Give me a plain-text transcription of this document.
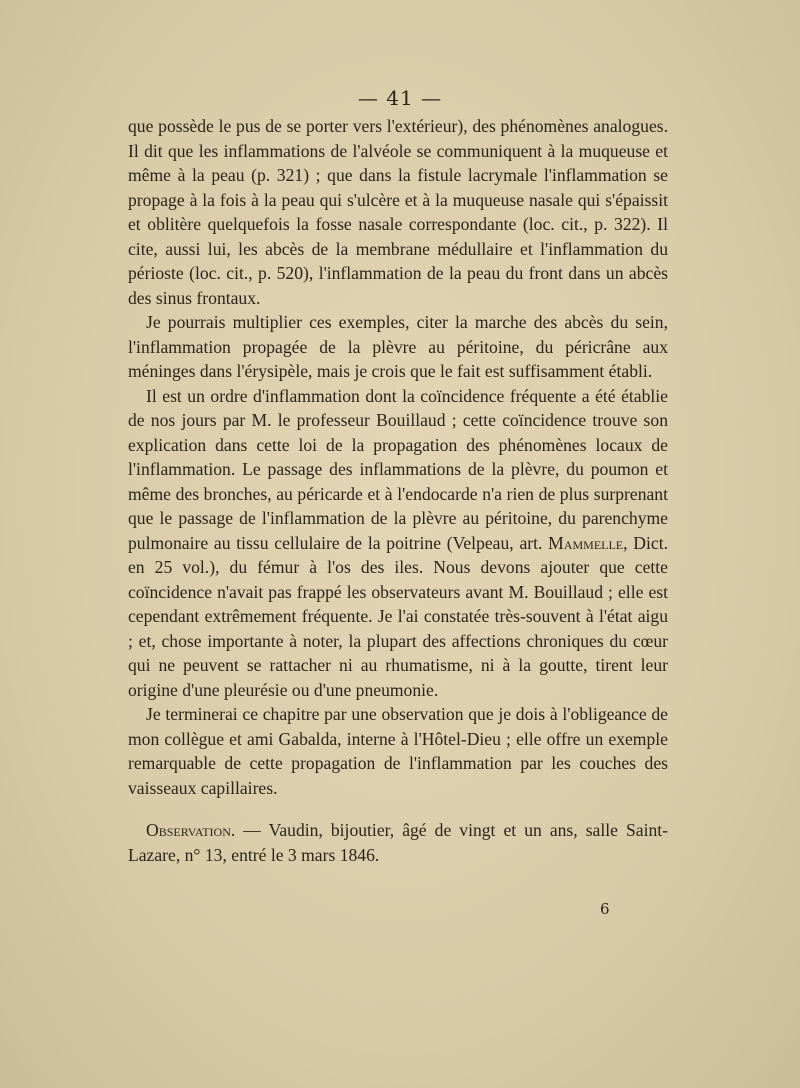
— 41 —

que possède le pus de se porter vers l'extérieur), des phénomènes analogues. Il dit que les inflammations de l'alvéole se communiquent à la muqueuse et même à la peau (p. 321) ; que dans la fistule lacrymale l'inflammation se propage à la fois à la peau qui s'ulcère et à la muqueuse nasale qui s'épaissit et oblitère quelquefois la fosse nasale correspondante (loc. cit., p. 322). Il cite, aussi lui, les abcès de la membrane médullaire et l'inflammation du périoste (loc. cit., p. 520), l'inflammation de la peau du front dans un abcès des sinus frontaux.

Je pourrais multiplier ces exemples, citer la marche des abcès du sein, l'inflammation propagée de la plèvre au péritoine, du péricrâne aux méninges dans l'érysipèle, mais je crois que le fait est suffisamment établi.

Il est un ordre d'inflammation dont la coïncidence fréquente a été établie de nos jours par M. le professeur Bouillaud ; cette coïncidence trouve son explication dans cette loi de la propagation des phénomènes locaux de l'inflammation. Le passage des inflammations de la plèvre, du poumon et même des bronches, au péricarde et à l'endocarde n'a rien de plus surprenant que le passage de l'inflammation de la plèvre au péritoine, du parenchyme pulmonaire au tissu cellulaire de la poitrine (Velpeau, art. Mammelle, Dict. en 25 vol.), du fémur à l'os des iles. Nous devons ajouter que cette coïncidence n'avait pas frappé les observateurs avant M. Bouillaud ; elle est cependant extrêmement fréquente. Je l'ai constatée très-souvent à l'état aigu ; et, chose importante à noter, la plupart des affections chroniques du cœur qui ne peuvent se rattacher ni au rhumatisme, ni à la goutte, tirent leur origine d'une pleurésie ou d'une pneumonie.

Je terminerai ce chapitre par une observation que je dois à l'obligeance de mon collègue et ami Gabalda, interne à l'Hôtel-Dieu ; elle offre un exemple remarquable de cette propagation de l'inflammation par les couches des vaisseaux capillaires.

Observation. — Vaudin, bijoutier, âgé de vingt et un ans, salle Saint-Lazare, n° 13, entré le 3 mars 1846.

6
